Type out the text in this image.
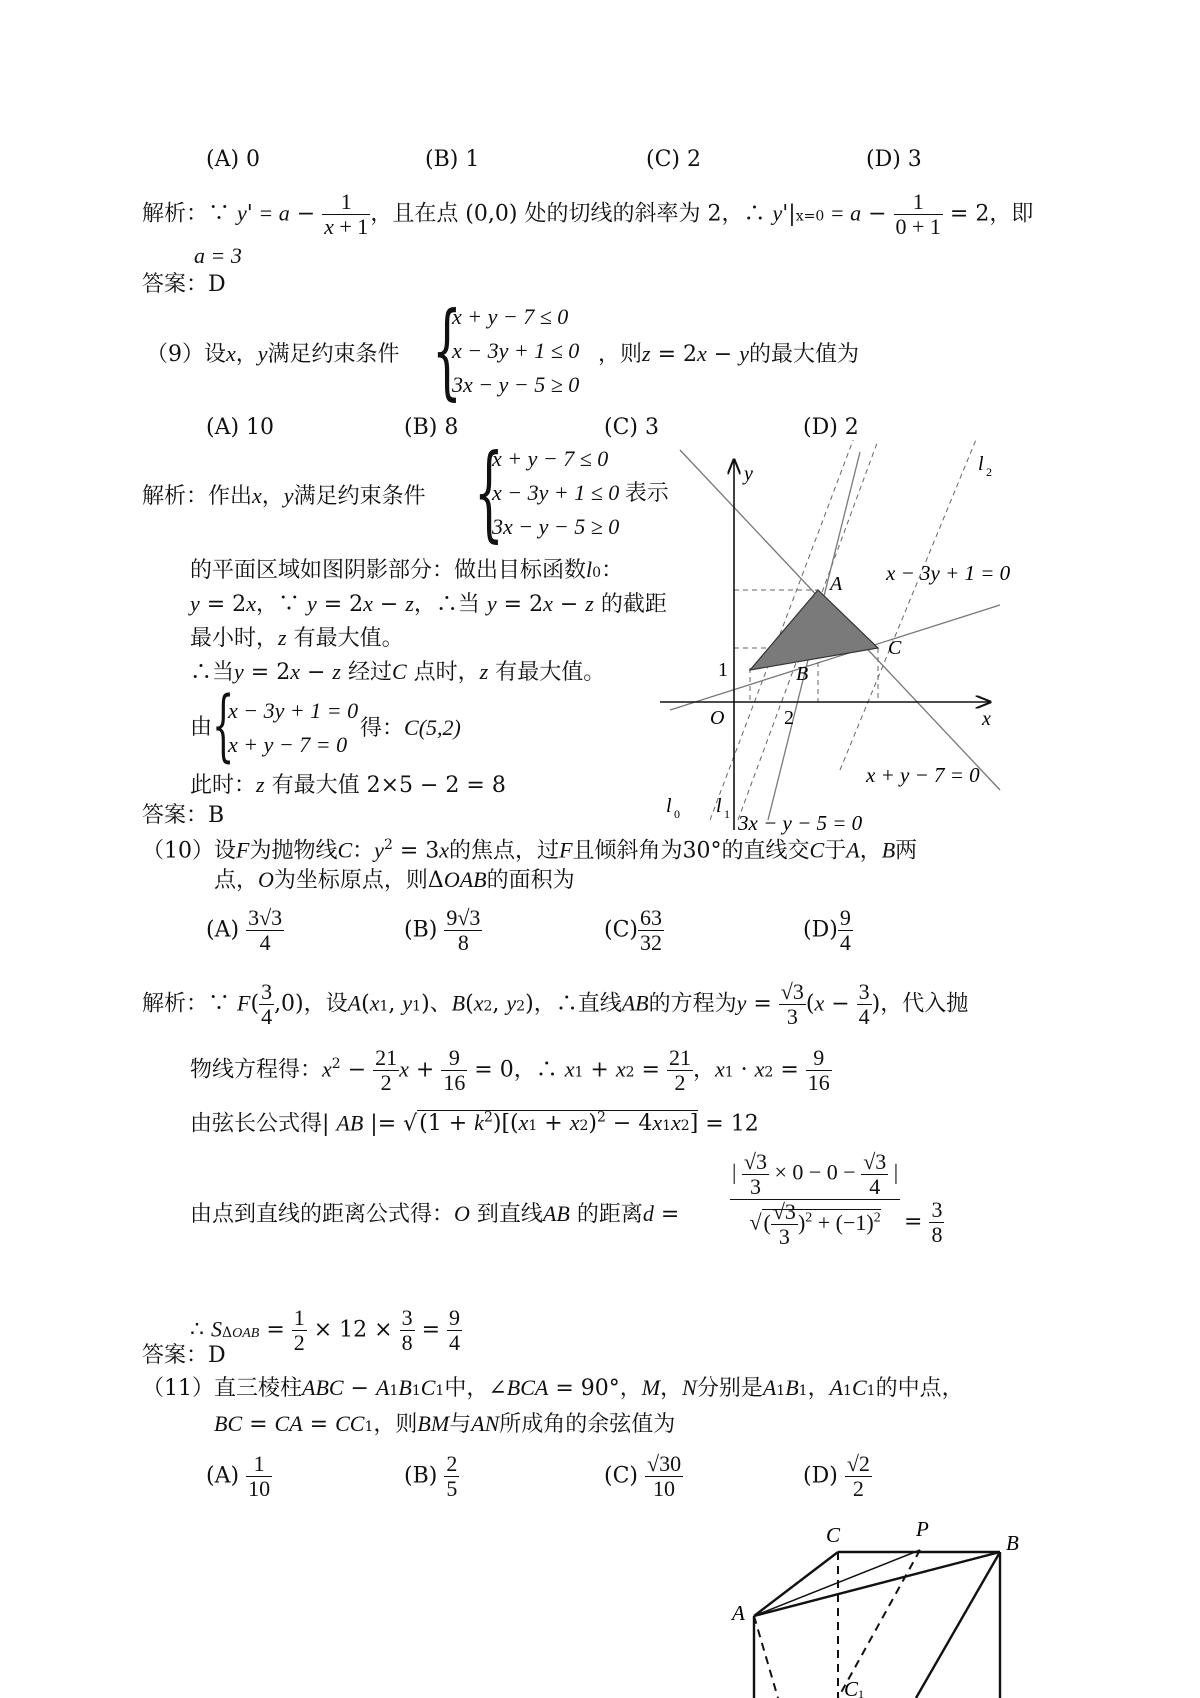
(A) 0	(B) 1	(C) 2	(D) 3
解析：∵ $y' = a - \frac{1}{x + 1}$ ，且在点 (0,0) 处的切线的斜率为 2，∴ $y'|x=0 = a - \frac{1}{0 + 1} = 2$，即
a = 3
答案：D
（9）设x，y满足约束条件 {
x + y − 7 ≤ 0
x − 3y + 1 ≤ 0
3x − y − 5 ≥ 0
，则z = 2x − y的最大值为
(A) 10	(B) 8	(C) 3	(D) 2
解析：作出x，y满足约束条件 {
x + y − 7 ≤ 0
x − 3y + 1 ≤ 0 表示
3x − y − 5 ≥ 0
的平面区域如图阴影部分：做出目标函数l0：
y = 2x，∵ y = 2x − z，∴当 y = 2x − z 的截距
最小时，z 有最大值。
∴当y = 2x − z 经过C 点时，z 有最大值。
由 {
x − 3y + 1 = 0
x + y − 7 = 0
得：C(5,2)
此时：z 有最大值 2×5 − 2 = 8
答案：B
y
x
O
1
2
A
B
C
l 2
l 0 l 1
x − 3y + 1 = 0
x + y − 7 = 0
3x − y − 5 = 0
（10）设F为抛物线C：$y^2 = 3x$的焦点，过F且倾斜角为30°的直线交C于A，B两
点，O为坐标原点，则ΔOAB的面积为
$(A) \frac{3√3}{4}$	$(B) \frac{9√3}{8}$	$(C) \frac{63}{32}$	$(D) \frac{9}{4}$
解析：∵ $F( \frac{3}{4} ,0)$，设A(x1, y1)、B(x2, y2)，∴直线AB的方程为$y = \frac{√3}{3} (x - \frac{3}{4}$ )，代入抛
物线方程得：$x^2 - \frac{21}{2}$ $x + \frac{9}{16} = 0$，∴ $x1 + x2 = \frac{21}{2}$ ，$x1 \cdot x2 = \frac{9}{16}$
由弦长公式得| AB |= $√(1 + k^2)[(x1 + x2)^2 - 4x1x2] = 12$
由点到直线的距离公式得：O 到直线AB 的距离$d = \frac{| \frac{√3}{3} \times 0 - 0 - \frac{√3}{4} |}{√( \frac{√3}{3} )^2 + (-1)^2} = \frac{3}{8}$
∴ $S\Delta OAB = \frac{1}{2} \times 12 \times \frac{3}{8} = \frac{9}{4}$
答案：D
（11）直三棱柱ABC − A1B1C1中，∠BCA = 90°，M，N分别是A1B1，A1C1的中点，
BC = CA = CC1，则BM与AN所成角的余弦值为
$(A) \frac{1}{10}$	$(B) \frac{2}{5}$	$(C) \frac{√30}{10}$	$(D) \frac{√2}{2}$
C	P
B
A
C 1
